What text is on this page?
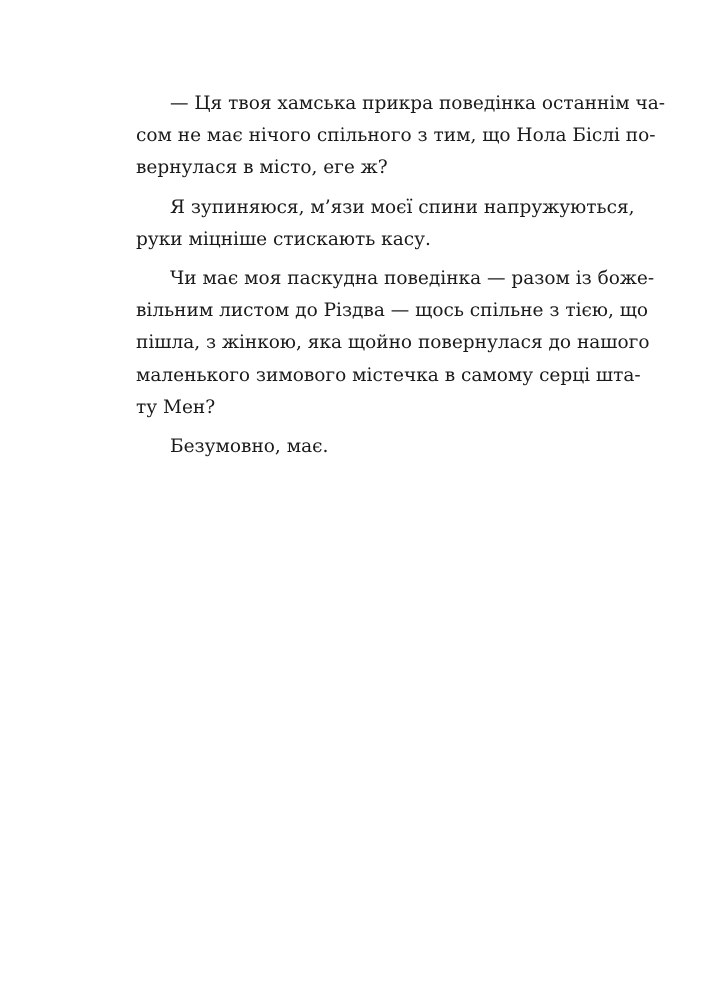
— Ця твоя хамська прикра поведінка останнім ча-
сом не має нічого спільного з тим, що Нола Біслі по-
вернулася в місто, еге ж?

Я зупиняюся, м’язи моєї спини напружуються,
руки міцніше стискають касу.

Чи має моя паскудна поведінка — разом із боже-
вільним листом до Різдва — щось спільне з тією, що
пішла, з жінкою, яка щойно повернулася до нашого
маленького зимового містечка в самому серці шта-
ту Мен?

Безумовно, має.
